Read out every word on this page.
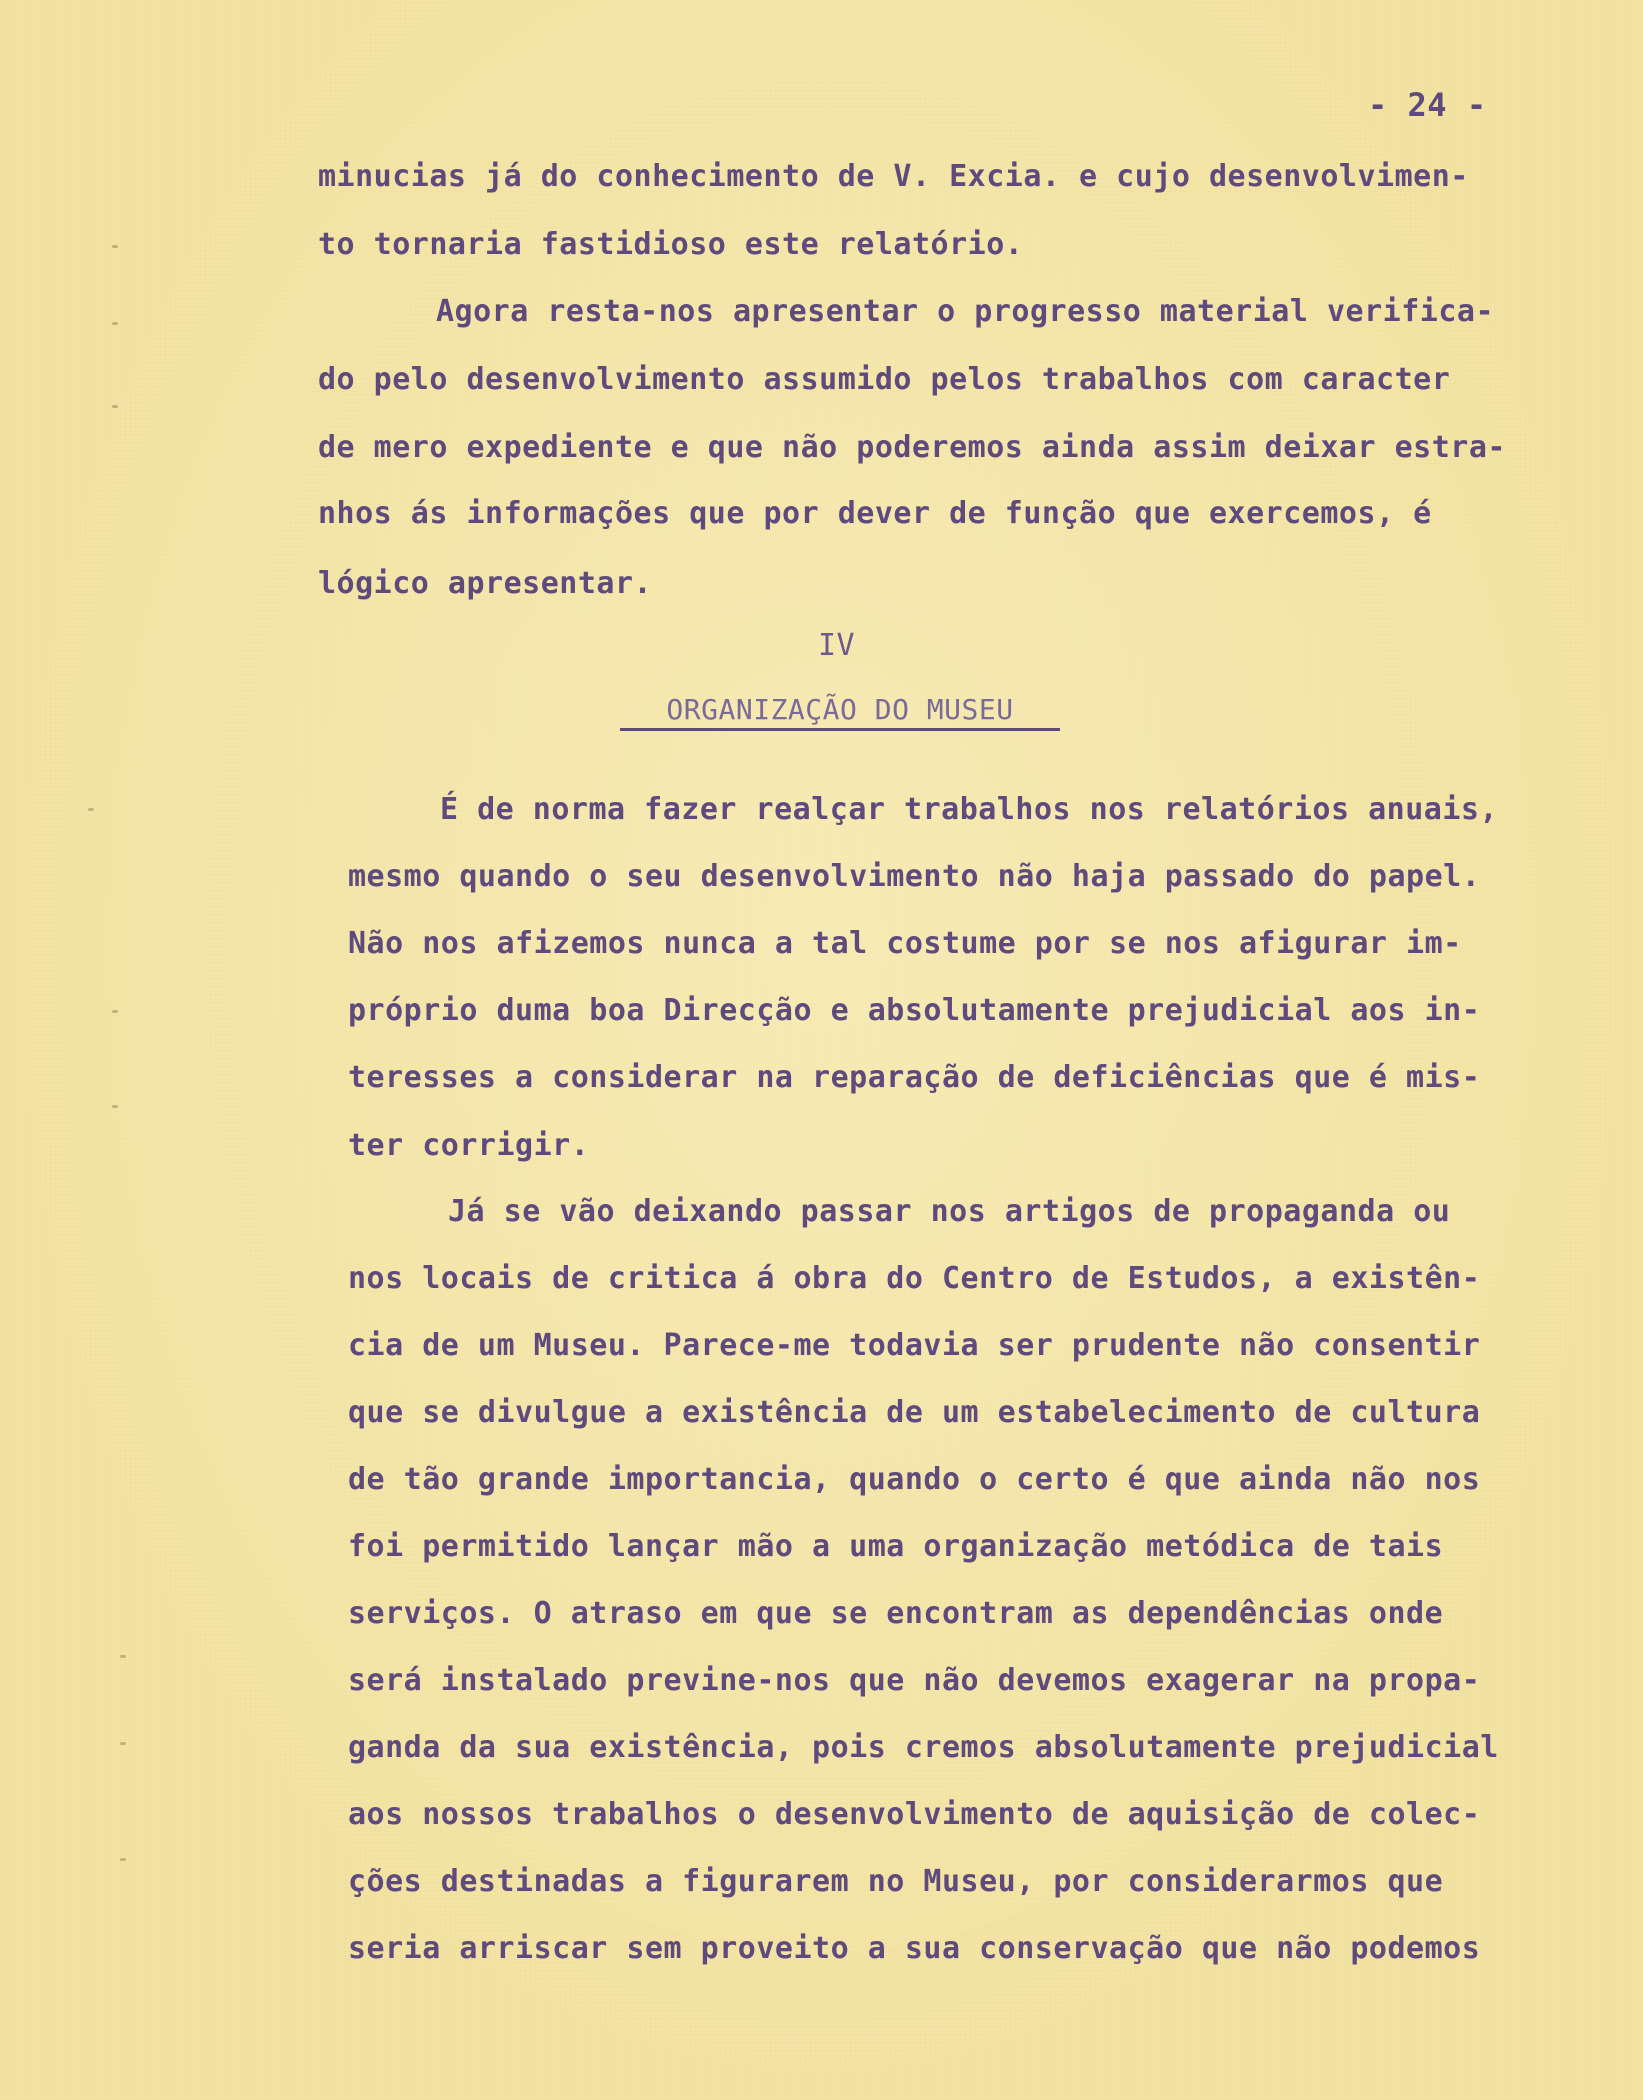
- 24 -
minucias já do conhecimento de V. Excia. e cujo desenvolvimen-
to tornaria fastidioso este relatório.
Agora resta-nos apresentar o progresso material verifica-
do pelo desenvolvimento assumido pelos trabalhos com caracter
de mero expediente e que não poderemos ainda assim deixar estra-
nhos ás informações que por dever de função que exercemos, é
lógico apresentar.
IV
ORGANIZAÇÃO DO MUSEU
É de norma fazer realçar trabalhos nos relatórios anuais,
mesmo quando o seu desenvolvimento não haja passado do papel.
Não nos afizemos nunca a tal costume por se nos afigurar im-
próprio duma boa Direcção e absolutamente prejudicial aos in-
teresses a considerar na reparação de deficiências que é mis-
ter corrigir.
Já se vão deixando passar nos artigos de propaganda ou
nos locais de critica á obra do Centro de Estudos, a existên-
cia de um Museu. Parece-me todavia ser prudente não consentir
que se divulgue a existência de um estabelecimento de cultura
de tão grande importancia, quando o certo é que ainda não nos
foi permitido lançar mão a uma organização metódica de tais
serviços. O atraso em que se encontram as dependências onde
será instalado previne-nos que não devemos exagerar na propa-
ganda da sua existência, pois cremos absolutamente prejudicial
aos nossos trabalhos o desenvolvimento de aquisição de colec-
ções destinadas a figurarem no Museu, por considerarmos que
seria arriscar sem proveito a sua conservação que não podemos
